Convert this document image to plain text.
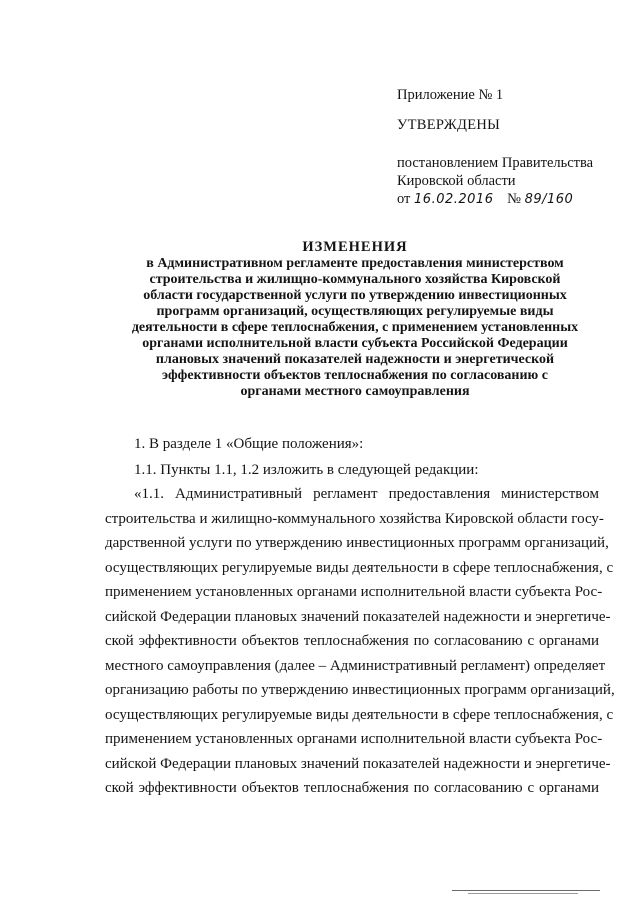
Приложение № 1
УТВЕРЖДЕНЫ
постановлением Правительства
Кировской области
от 16.02.2016 № 89/160
ИЗМЕНЕНИЯ
в Административном регламенте предоставления министерством
строительства и жилищно-коммунального хозяйства Кировской
области государственной услуги по утверждению инвестиционных
программ организаций, осуществляющих регулируемые виды
деятельности в сфере теплоснабжения, с применением установленных
органами исполнительной власти субъекта Российской Федерации
плановых значений показателей надежности и энергетической
эффективности объектов теплоснабжения по согласованию с
органами местного самоуправления

1. В разделе 1 «Общие положения»:

1.1. Пункты 1.1, 1.2 изложить в следующей редакции:

«1.1. Административный регламент предоставления министерством
строительства и жилищно-коммунального хозяйства Кировской области госу-
дарственной услуги по утверждению инвестиционных программ организаций,
осуществляющих регулируемые виды деятельности в сфере теплоснабжения, с
применением установленных органами исполнительной власти субъекта Рос-
сийской Федерации плановых значений показателей надежности и энергетиче-
ской эффективности объектов теплоснабжения по согласованию с органами
местного самоуправления (далее – Административный регламент) определяет
организацию работы по утверждению инвестиционных программ организаций,
осуществляющих регулируемые виды деятельности в сфере теплоснабжения, с
применением установленных органами исполнительной власти субъекта Рос-
сийской Федерации плановых значений показателей надежности и энергетиче-
ской эффективности объектов теплоснабжения по согласованию с органами
